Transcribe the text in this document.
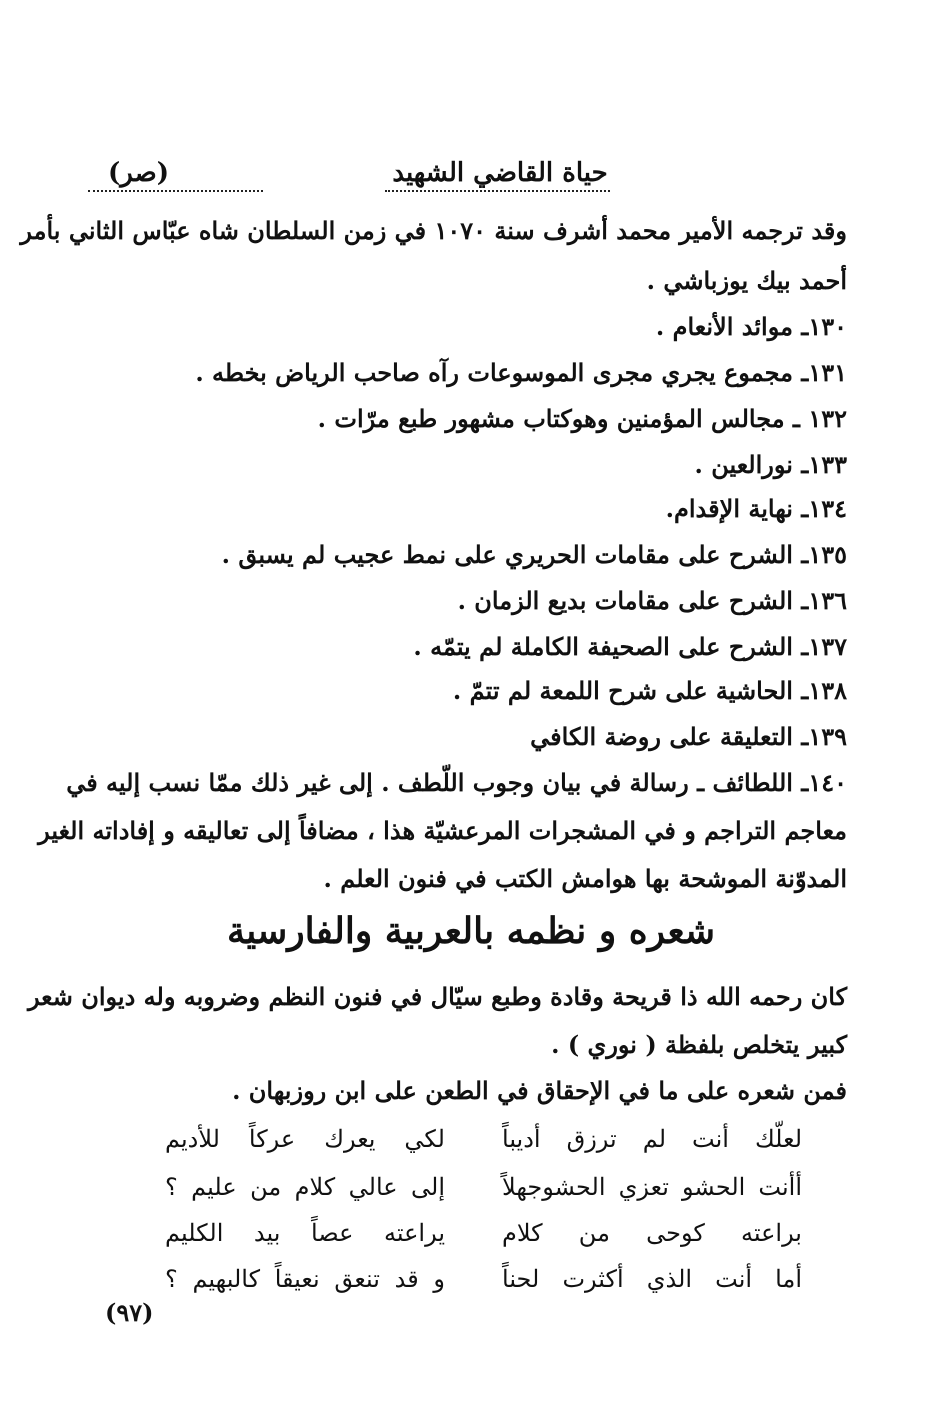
حياة القاضي الشهيد
(صر)
وقد ترجمه الأمير محمد أشرف سنة ١٠٧٠ في زمن السلطان شاه عبّاس الثاني بأمر
أحمد بيك يوزباشي .
١٣٠ـ موائد الأنعام .
١٣١ـ مجموع يجري مجرى الموسوعات رآه صاحب الرياض بخطه .
١٣٢ ـ مجالس المؤمنين وهوكتاب مشهور طبع مرّات .
١٣٣ـ نورالعين .
١٣٤ـ نهاية الإقدام.
١٣٥ـ الشرح على مقامات الحريري على نمط عجيب لم يسبق .
١٣٦ـ الشرح على مقامات بديع الزمان .
١٣٧ـ الشرح على الصحيفة الكاملة لم يتمّه .
١٣٨ـ الحاشية على شرح اللمعة لم تتمّ .
١٣٩ـ التعليقة على روضة الكافي
١٤٠ـ اللطائف ـ رسالة في بيان وجوب اللّطف . إلى غير ذلك ممّا نسب إليه في
معاجم التراجم و في المشجرات المرعشيّة هذا ، مضافاً إلى تعاليقه و إفاداته الغير
المدوّنة الموشحة بها هوامش الكتب في فنون العلم .
شعره و نظمه بالعربية والفارسية
كان رحمه الله ذا قريحة وقادة وطبع سيّال في فنون النظم وضروبه وله ديوان شعر
كبير يتخلص بلفظة ( نوري ) .
فمن شعره على ما في الإحقاق في الطعن على ابن روزبهان .
لعلّك أنت لم ترزق أديباً
لكي يعرك عركاً للأديم
أأنت الحشو تعزي الحشوجهلاً
إلى عالي كلام من عليم ؟
براعته كوحى من كلام
يراعته عصاً بيد الكليم
أما أنت الذي أكثرت لحناً
و قد تنعق نعيقاً كالبهيم ؟
(٩٧)
